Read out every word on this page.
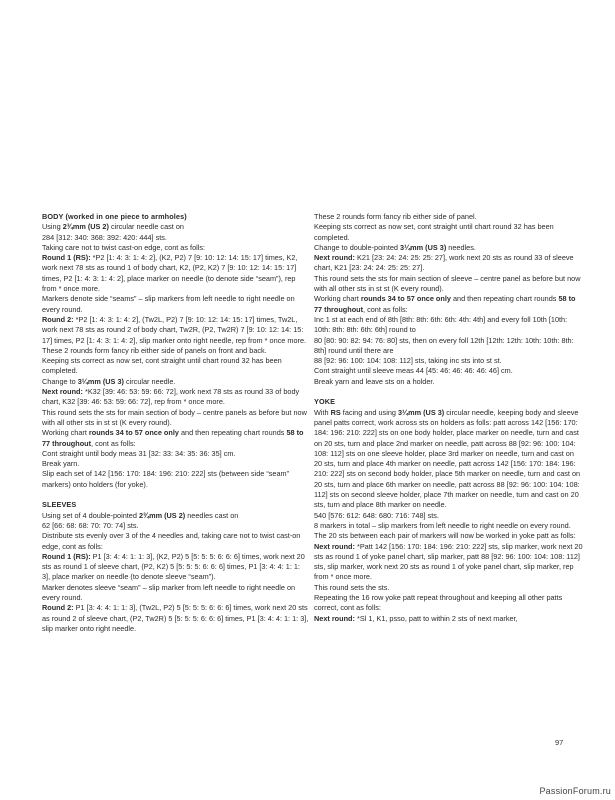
BODY (worked in one piece to armholes)

Using 2¾mm (US 2) circular needle cast on

284 [312: 340: 368: 392: 420: 444] sts.

Taking care not to twist cast-on edge, cont as folls:

Round 1 (RS): *P2 [1: 4: 3: 1: 4: 2], (K2, P2) 7 [9: 10: 12: 14: 15: 17] times, K2, work next 78 sts as round 1 of body chart, K2, (P2, K2) 7 [9: 10: 12: 14: 15: 17] times, P2 [1: 4: 3: 1: 4: 2], place marker on needle (to denote side “seam”), rep from * once more.

Markers denote side “seams” – slip markers from left needle to right needle on every round.

Round 2: *P2 [1: 4: 3: 1: 4: 2], (Tw2L, P2) 7 [9: 10: 12: 14: 15: 17] times, Tw2L, work next 78 sts as round 2 of body chart, Tw2R, (P2, Tw2R) 7 [9: 10: 12: 14: 15: 17] times, P2 [1: 4: 3: 1: 4: 2], slip marker onto right needle, rep from * once more.

These 2 rounds form fancy rib either side of panels on front and back.

Keeping sts correct as now set, cont straight until chart round 32 has been completed.

Change to 3¼mm (US 3) circular needle.

Next round: *K32 [39: 46: 53: 59: 66: 72], work next 78 sts as round 33 of body chart, K32 [39: 46: 53: 59: 66: 72], rep from * once more.

This round sets the sts for main section of body – centre panels as before but now with all other sts in st st (K every round).

Working chart rounds 34 to 57 once only and then repeating chart rounds 58 to 77 throughout, cont as folls:

Cont straight until body meas 31 [32: 33: 34: 35: 36: 35] cm.

Break yarn.

Slip each set of 142 [156: 170: 184: 196: 210: 222] sts (between side “seam” markers) onto holders (for yoke).

SLEEVES

Using set of 4 double-pointed 2¾mm (US 2) needles cast on

62 [66: 68: 68: 70: 70: 74] sts.

Distribute sts evenly over 3 of the 4 needles and, taking care not to twist cast-on edge, cont as folls:

Round 1 (RS): P1 [3: 4: 4: 1: 1: 3], (K2, P2) 5 [5: 5: 5: 6: 6: 6] times, work next 20 sts as round 1 of sleeve chart, (P2, K2) 5 [5: 5: 5: 6: 6: 6] times, P1 [3: 4: 4: 1: 1: 3], place marker on needle (to denote sleeve “seam”).

Marker denotes sleeve “seam” – slip marker from left needle to right needle on every round.

Round 2: P1 [3: 4: 4: 1: 1: 3], (Tw2L, P2) 5 [5: 5: 5: 6: 6: 6] times, work next 20 sts as round 2 of sleeve chart, (P2, Tw2R) 5 [5: 5: 5: 6: 6: 6] times, P1 [3: 4: 4: 1: 1: 3], slip marker onto right needle.

These 2 rounds form fancy rib either side of panel.

Keeping sts correct as now set, cont straight until chart round 32 has been completed.

Change to double-pointed 3¼mm (US 3) needles.

Next round: K21 [23: 24: 24: 25: 25: 27], work next 20 sts as round 33 of sleeve chart, K21 [23: 24: 24: 25: 25: 27].

This round sets the sts for main section of sleeve – centre panel as before but now with all other sts in st st (K every round).

Working chart rounds 34 to 57 once only and then repeating chart rounds 58 to 77 throughout, cont as folls:

Inc 1 st at each end of 8th [8th: 8th: 6th: 6th: 4th: 4th] and every foll 10th [10th: 10th: 8th: 8th: 6th: 6th] round to

80 [80: 90: 82: 94: 76: 80] sts, then on every foll 12th [12th: 12th: 10th: 10th: 8th: 8th] round until there are

88 [92: 96: 100: 104: 108: 112] sts, taking inc sts into st st.

Cont straight until sleeve meas 44 [45: 46: 46: 46: 46: 46] cm.

Break yarn and leave sts on a holder.

YOKE

With RS facing and using 3¼mm (US 3) circular needle, keeping body and sleeve panel patts correct, work across sts on holders as folls: patt across 142 [156: 170: 184: 196: 210: 222] sts on one body holder, place marker on needle, turn and cast on 20 sts, turn and place 2nd marker on needle, patt across 88 [92: 96: 100: 104: 108: 112] sts on one sleeve holder, place 3rd marker on needle, turn and cast on 20 sts, turn and place 4th marker on needle, patt across 142 [156: 170: 184: 196: 210: 222] sts on second body holder, place 5th marker on needle, turn and cast on 20 sts, turn and place 6th marker on needle, patt across 88 [92: 96: 100: 104: 108: 112] sts on second sleeve holder, place 7th marker on needle, turn and cast on 20 sts, turn and place 8th marker on needle.

540 [576: 612: 648: 680: 716: 748] sts.

8 markers in total – slip markers from left needle to right needle on every round. The 20 sts between each pair of markers will now be worked in yoke patt as folls:

Next round: *Patt 142 [156: 170: 184: 196: 210: 222] sts, slip marker, work next 20 sts as round 1 of yoke panel chart, slip marker, patt 88 [92: 96: 100: 104: 108: 112] sts, slip marker, work next 20 sts as round 1 of yoke panel chart, slip marker, rep from * once more.

This round sets the sts.

Repeating the 16 row yoke patt repeat throughout and keeping all other patts correct, cont as folls:

Next round: *Sl 1, K1, psso, patt to within 2 sts of next marker,

97
PassionForum.ru
